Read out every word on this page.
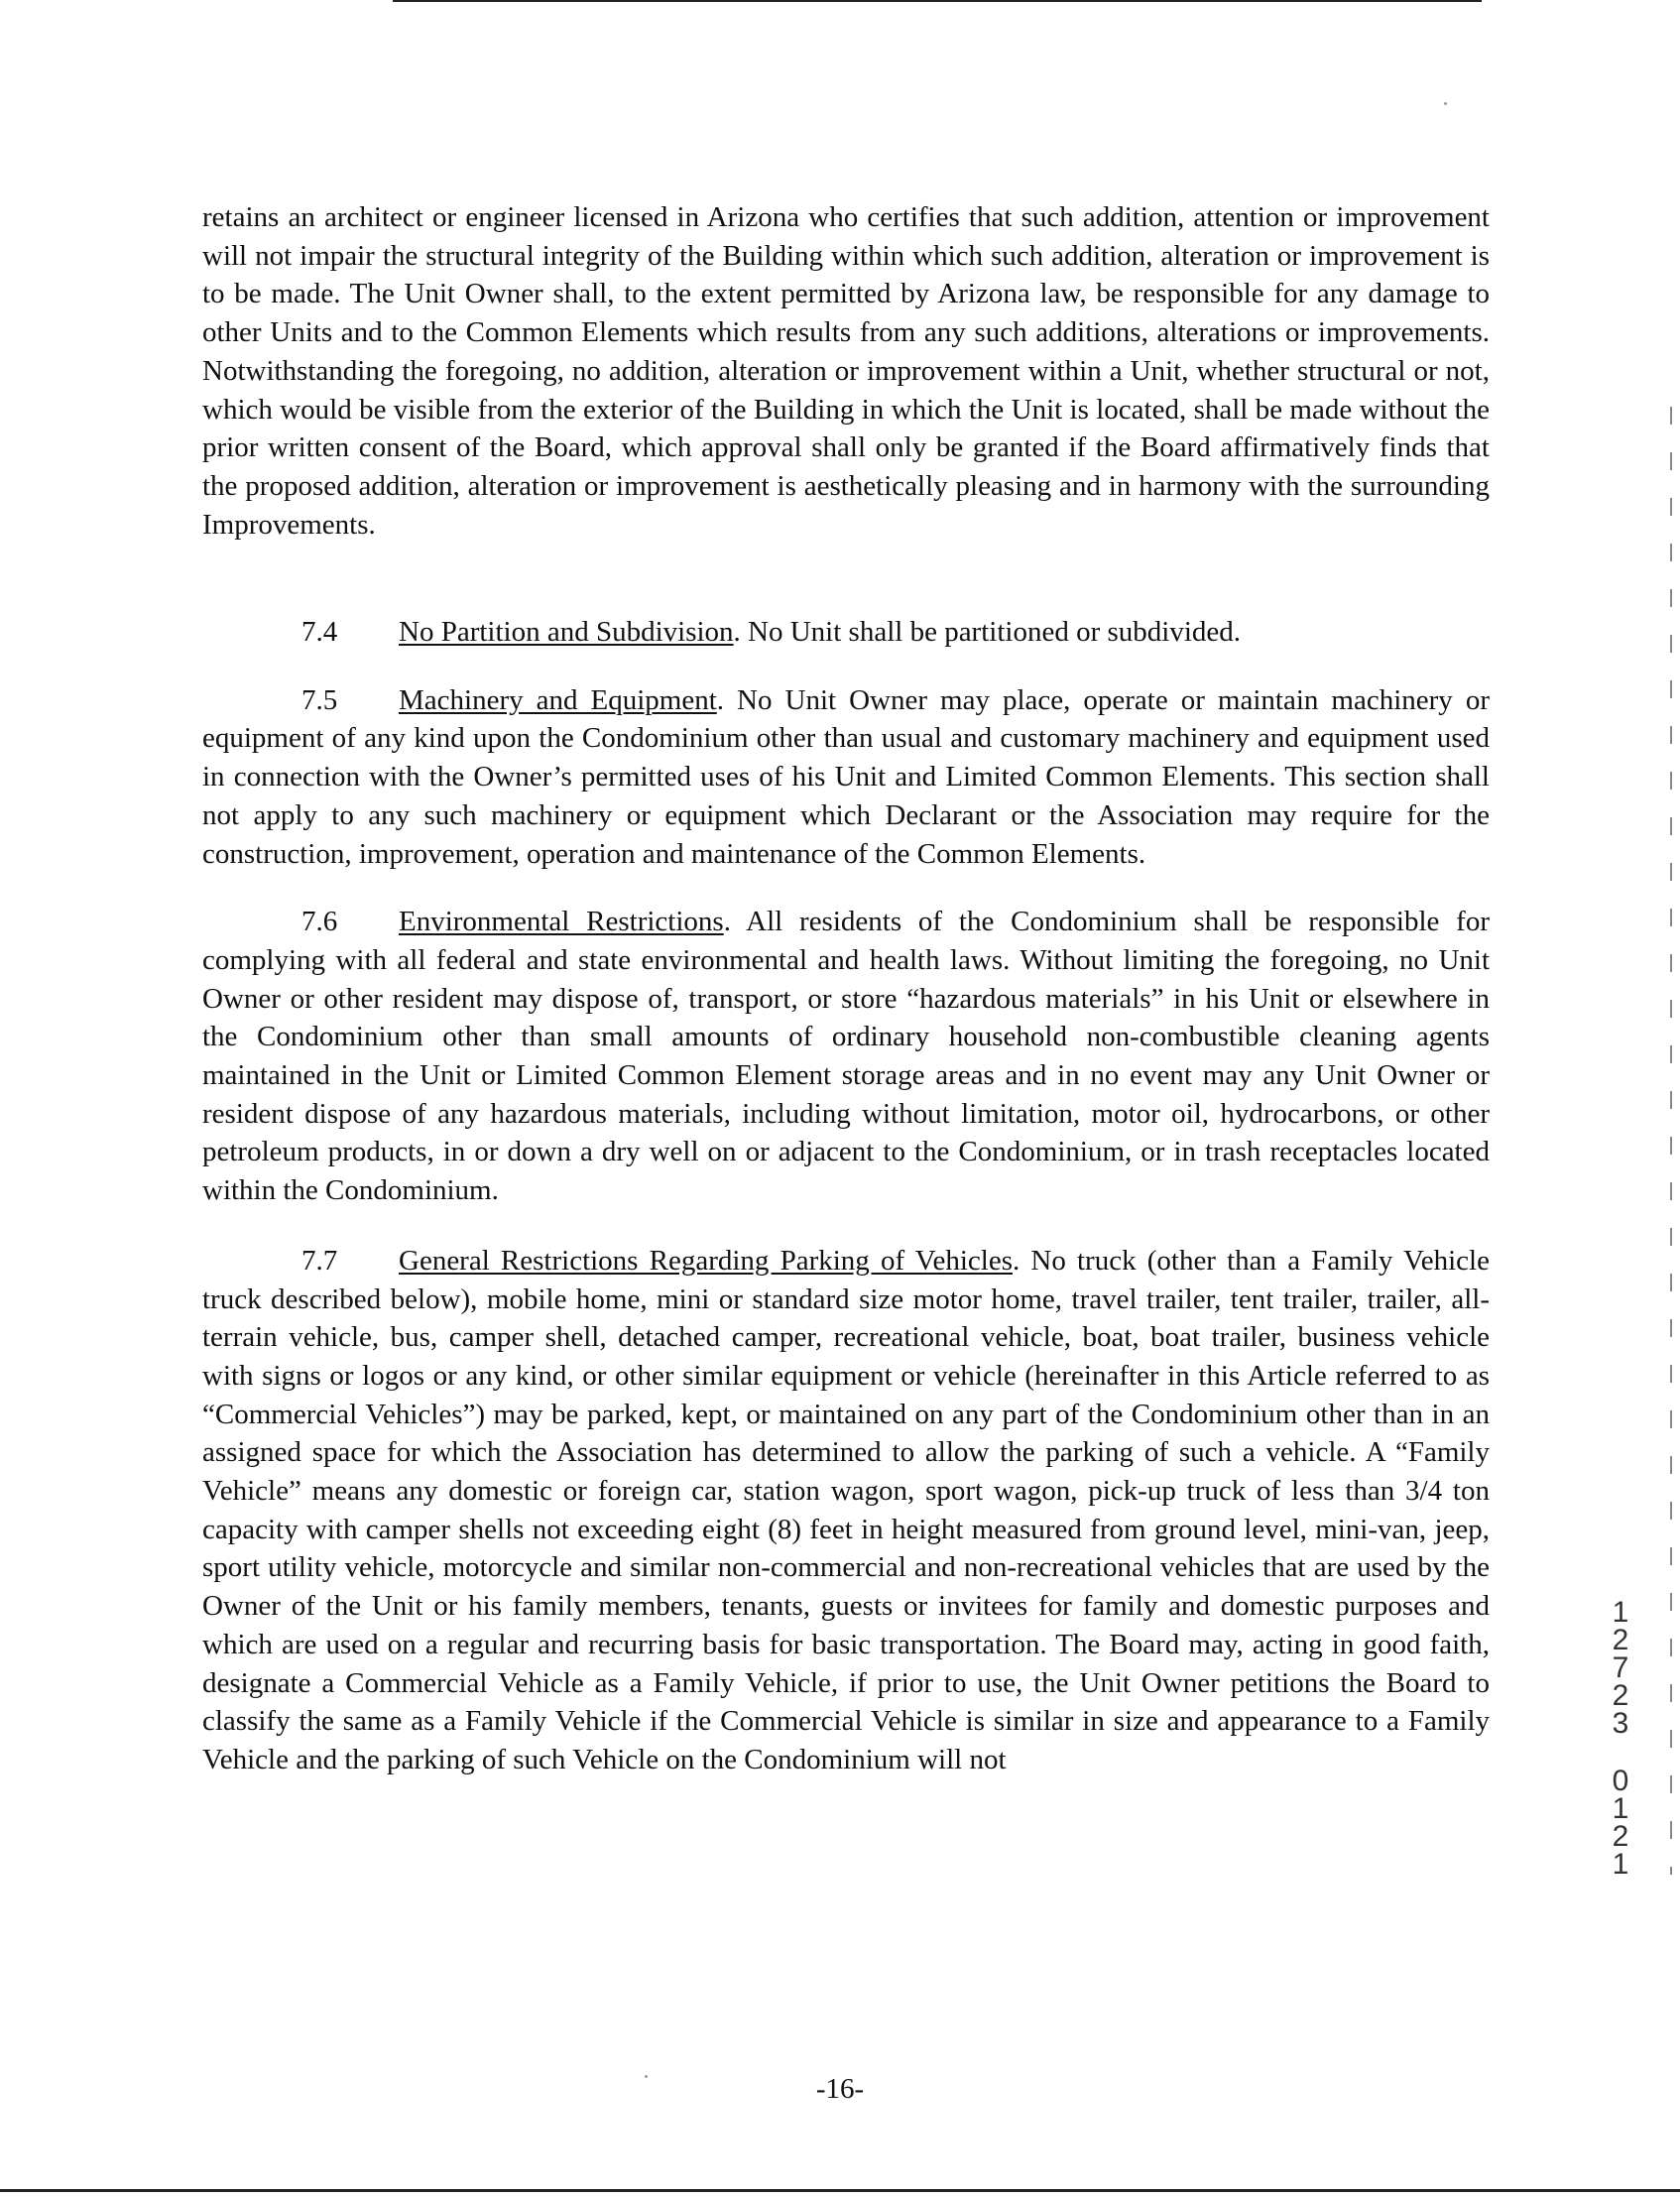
retains an architect or engineer licensed in Arizona who certifies that such addition, attention or improvement will not impair the structural integrity of the Building within which such addition, alteration or improvement is to be made. The Unit Owner shall, to the extent permitted by Arizona law, be responsible for any damage to other Units and to the Common Elements which results from any such additions, alterations or improvements. Notwithstanding the foregoing, no addition, alteration or improvement within a Unit, whether structural or not, which would be visible from the exterior of the Building in which the Unit is located, shall be made without the prior written consent of the Board, which approval shall only be granted if the Board affirmatively finds that the proposed addition, alteration or improvement is aesthetically pleasing and in harmony with the surrounding Improvements.

7.4 No Partition and Subdivision. No Unit shall be partitioned or subdivided.

7.5 Machinery and Equipment. No Unit Owner may place, operate or maintain machinery or equipment of any kind upon the Condominium other than usual and customary machinery and equipment used in connection with the Owner’s permitted uses of his Unit and Limited Common Elements. This section shall not apply to any such machinery or equipment which Declarant or the Association may require for the construction, improvement, operation and maintenance of the Common Elements.

7.6 Environmental Restrictions. All residents of the Condominium shall be responsible for complying with all federal and state environmental and health laws. Without limiting the foregoing, no Unit Owner or other resident may dispose of, transport, or store “hazardous materials” in his Unit or elsewhere in the Condominium other than small amounts of ordinary household non-combustible cleaning agents maintained in the Unit or Limited Common Element storage areas and in no event may any Unit Owner or resident dispose of any hazardous materials, including without limitation, motor oil, hydrocarbons, or other petroleum products, in or down a dry well on or adjacent to the Condominium, or in trash receptacles located within the Condominium.

7.7 General Restrictions Regarding Parking of Vehicles. No truck (other than a Family Vehicle truck described below), mobile home, mini or standard size motor home, travel trailer, tent trailer, trailer, all-terrain vehicle, bus, camper shell, detached camper, recreational vehicle, boat, boat trailer, business vehicle with signs or logos or any kind, or other similar equipment or vehicle (hereinafter in this Article referred to as “Commercial Vehicles”) may be parked, kept, or maintained on any part of the Condominium other than in an assigned space for which the Association has determined to allow the parking of such a vehicle. A “Family Vehicle” means any domestic or foreign car, station wagon, sport wagon, pick-up truck of less than 3/4 ton capacity with camper shells not exceeding eight (8) feet in height measured from ground level, mini-van, jeep, sport utility vehicle, motorcycle and similar non-commercial and non-recreational vehicles that are used by the Owner of the Unit or his family members, tenants, guests or invitees for family and domestic purposes and which are used on a regular and recurring basis for basic transportation. The Board may, acting in good faith, designate a Commercial Vehicle as a Family Vehicle, if prior to use, the Unit Owner petitions the Board to classify the same as a Family Vehicle if the Commercial Vehicle is similar in size and appearance to a Family Vehicle and the parking of such Vehicle on the Condominium will not

1
2
7
2
3
0
1
2
1
-16-
